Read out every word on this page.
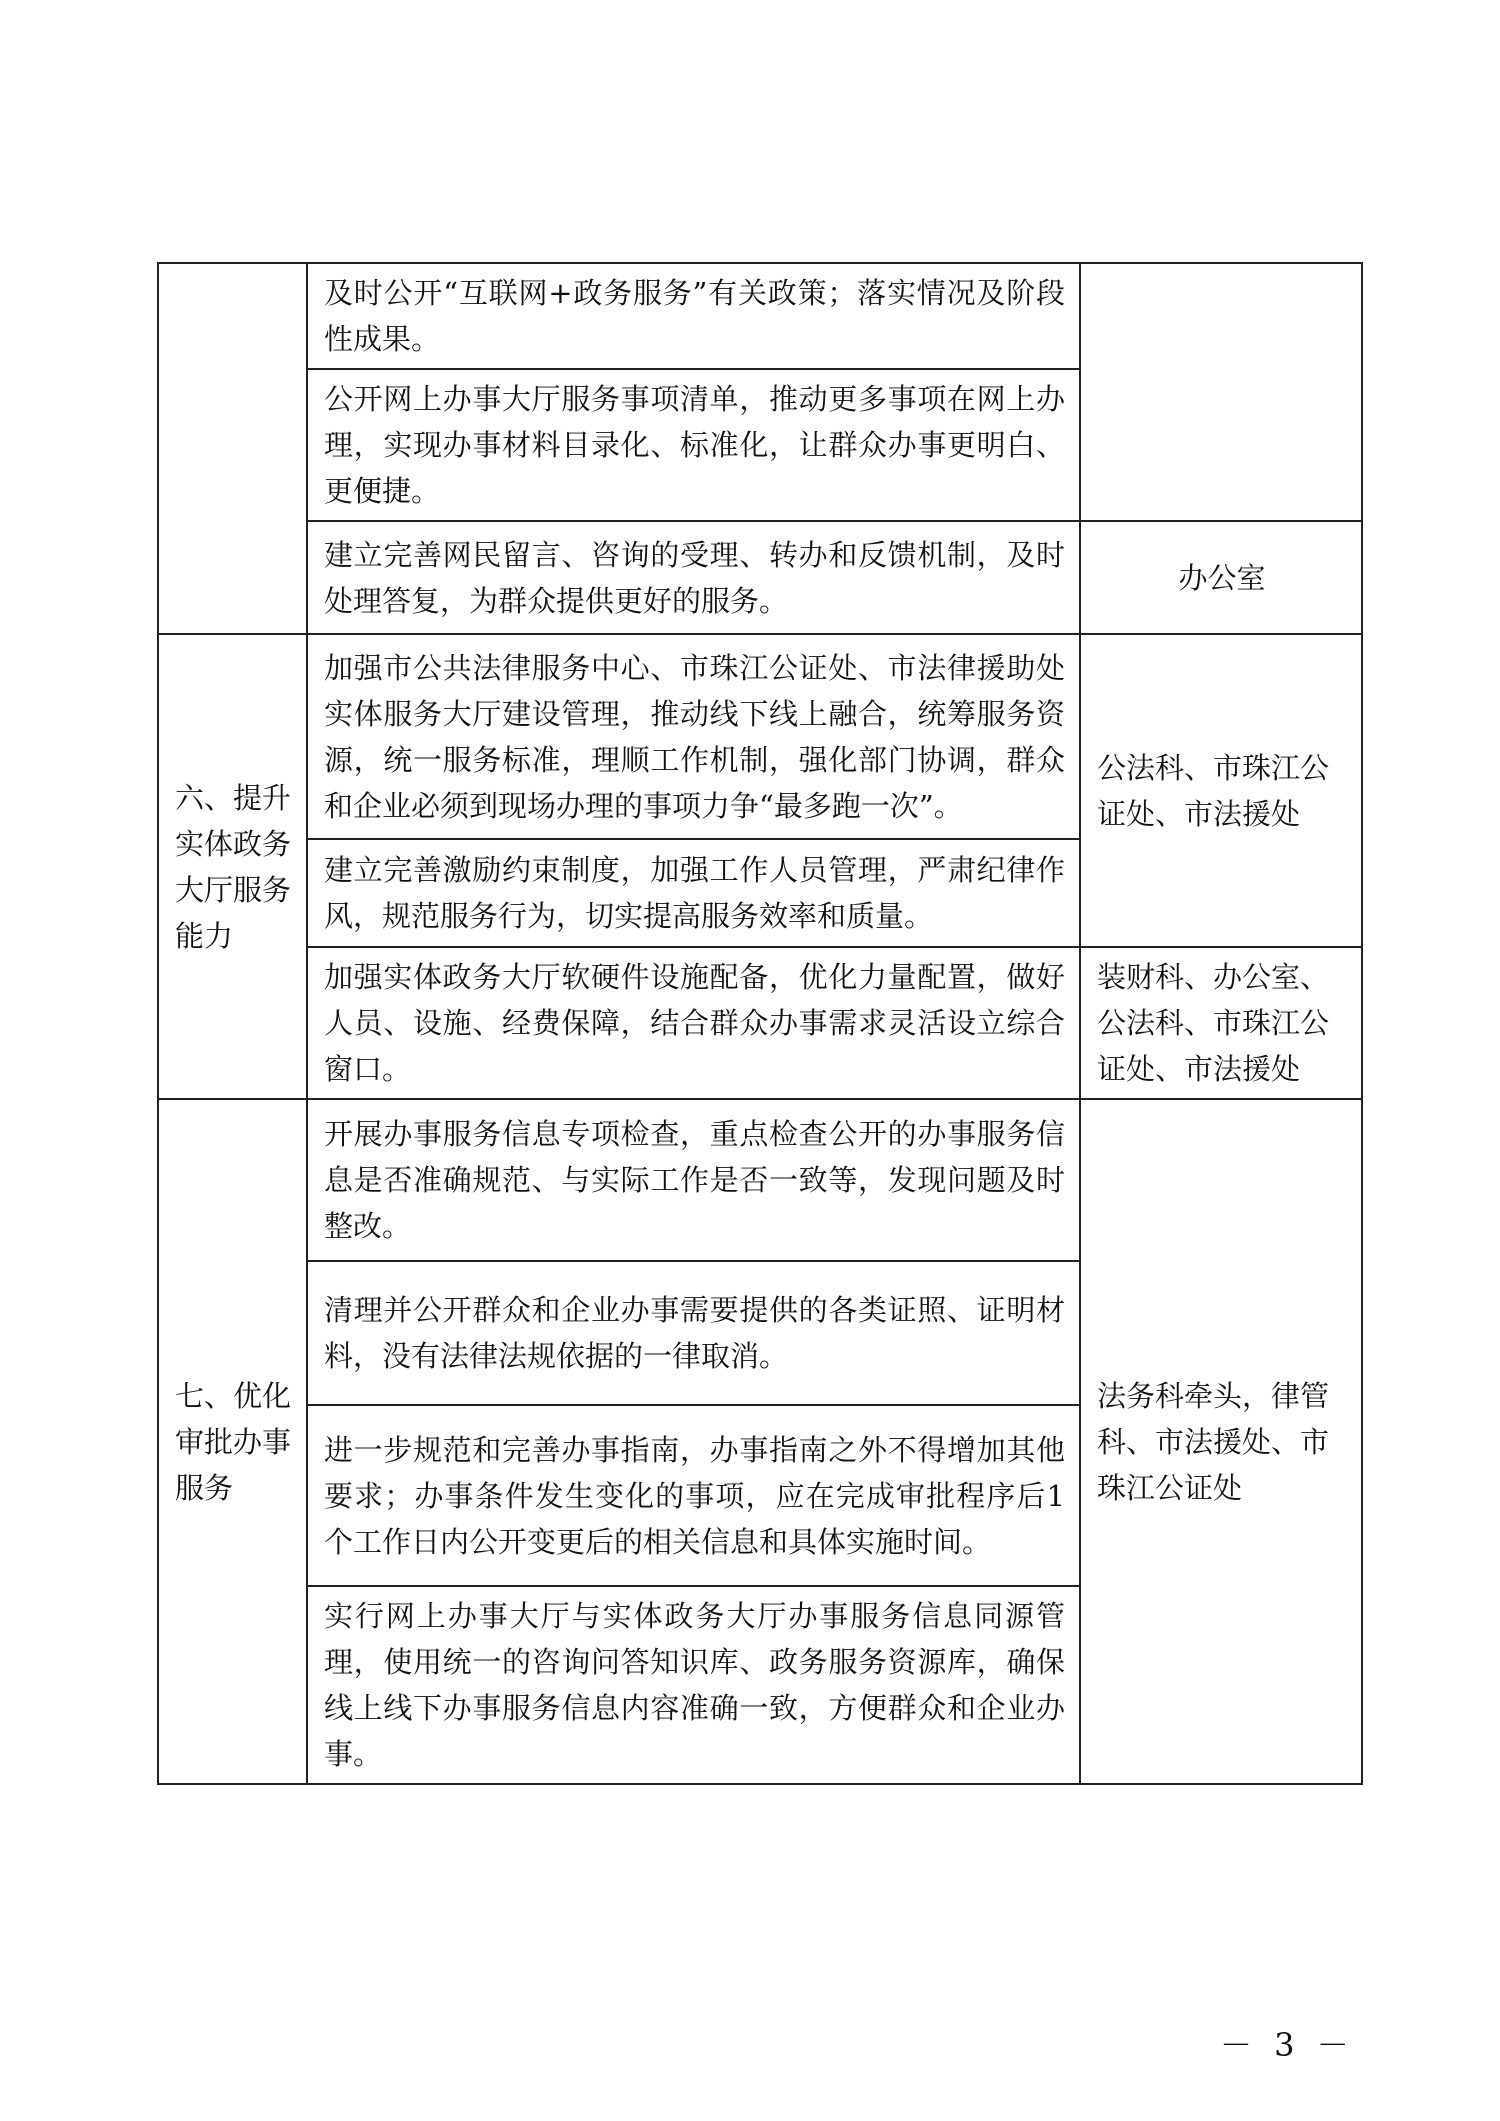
	及时公开“互联网+政务服务”有关政策；落实情况及阶段性成果。	
	公开网上办事大厅服务事项清单，推动更多事项在网上办理，实现办事材料目录化、标准化，让群众办事更明白、更便捷。	
	建立完善网民留言、咨询的受理、转办和反馈机制，及时处理答复，为群众提供更好的服务。	办公室
六、提升实体政务大厅服务能力	加强市公共法律服务中心、市珠江公证处、市法律援助处实体服务大厅建设管理，推动线下线上融合，统筹服务资源，统一服务标准，理顺工作机制，强化部门协调，群众和企业必须到现场办理的事项力争“最多跑一次”。	公法科、市珠江公证处、市法援处
	建立完善激励约束制度，加强工作人员管理，严肃纪律作风，规范服务行为，切实提高服务效率和质量。	
	加强实体政务大厅软硬件设施配备，优化力量配置，做好人员、设施、经费保障，结合群众办事需求灵活设立综合窗口。	装财科、办公室、公法科、市珠江公证处、市法援处
七、优化审批办事服务	开展办事服务信息专项检查，重点检查公开的办事服务信息是否准确规范、与实际工作是否一致等，发现问题及时整改。	法务科牵头，律管科、市法援处、市珠江公证处
	清理并公开群众和企业办事需要提供的各类证照、证明材料，没有法律法规依据的一律取消。	
	进一步规范和完善办事指南，办事指南之外不得增加其他要求；办事条件发生变化的事项，应在完成审批程序后1个工作日内公开变更后的相关信息和具体实施时间。	
	实行网上办事大厅与实体政务大厅办事服务信息同源管理，使用统一的咨询问答知识库、政务服务资源库，确保线上线下办事服务信息内容准确一致，方便群众和企业办事。	
－ 3 －
